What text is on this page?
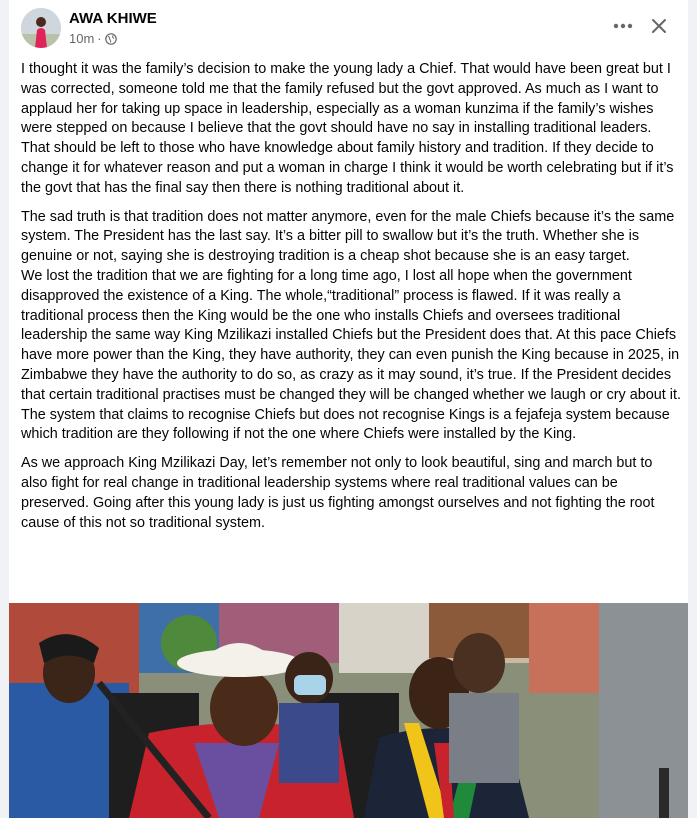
AWA KHIWE
10m ·

I thought it was the family’s decision to make the young lady a Chief. That would have been great but I was corrected, someone told me that the family refused but the govt approved. As much as I want to applaud her for taking up space in leadership, especially as a woman kunzima if the family’s wishes were stepped on because I believe that the govt should have no say in installing traditional leaders. That should be left to those who have knowledge about family history and tradition. If they decide to change it for whatever reason and put a woman in charge I think it would be worth celebrating but if it’s the govt that has the final say then there is nothing traditional about it.

The sad truth is that tradition does not matter anymore, even for the male Chiefs because it’s the same system. The President has the last say. It’s a bitter pill to swallow but it’s the truth. Whether she is genuine or not, saying she is destroying tradition is a cheap shot because she is an easy target.

We lost the tradition that we are fighting for a long time ago, I lost all hope when the government disapproved the existence of a King. The whole,“traditional” process is flawed. If it was really a traditional process then the King would be the one who installs Chiefs and oversees traditional leadership the same way King Mzilikazi installed Chiefs but the President does that. At this pace Chiefs have more power than the King, they have authority, they can even punish the King because in 2025, in Zimbabwe they have the authority to do so, as crazy as it may sound, it’s true. If the President decides that certain traditional practises must be changed they will be changed whether we laugh or cry about it. The system that claims to recognise Chiefs but does not recognise Kings is a fejafeja system because which tradition are they following if not the one where Chiefs were installed by the King.

As we approach King Mzilikazi Day, let’s remember not only to look beautiful, sing and march but to also fight for real change in traditional leadership systems where real traditional values can be preserved. Going after this young lady is just us fighting amongst ourselves and not fighting the root cause of this not so traditional system.
